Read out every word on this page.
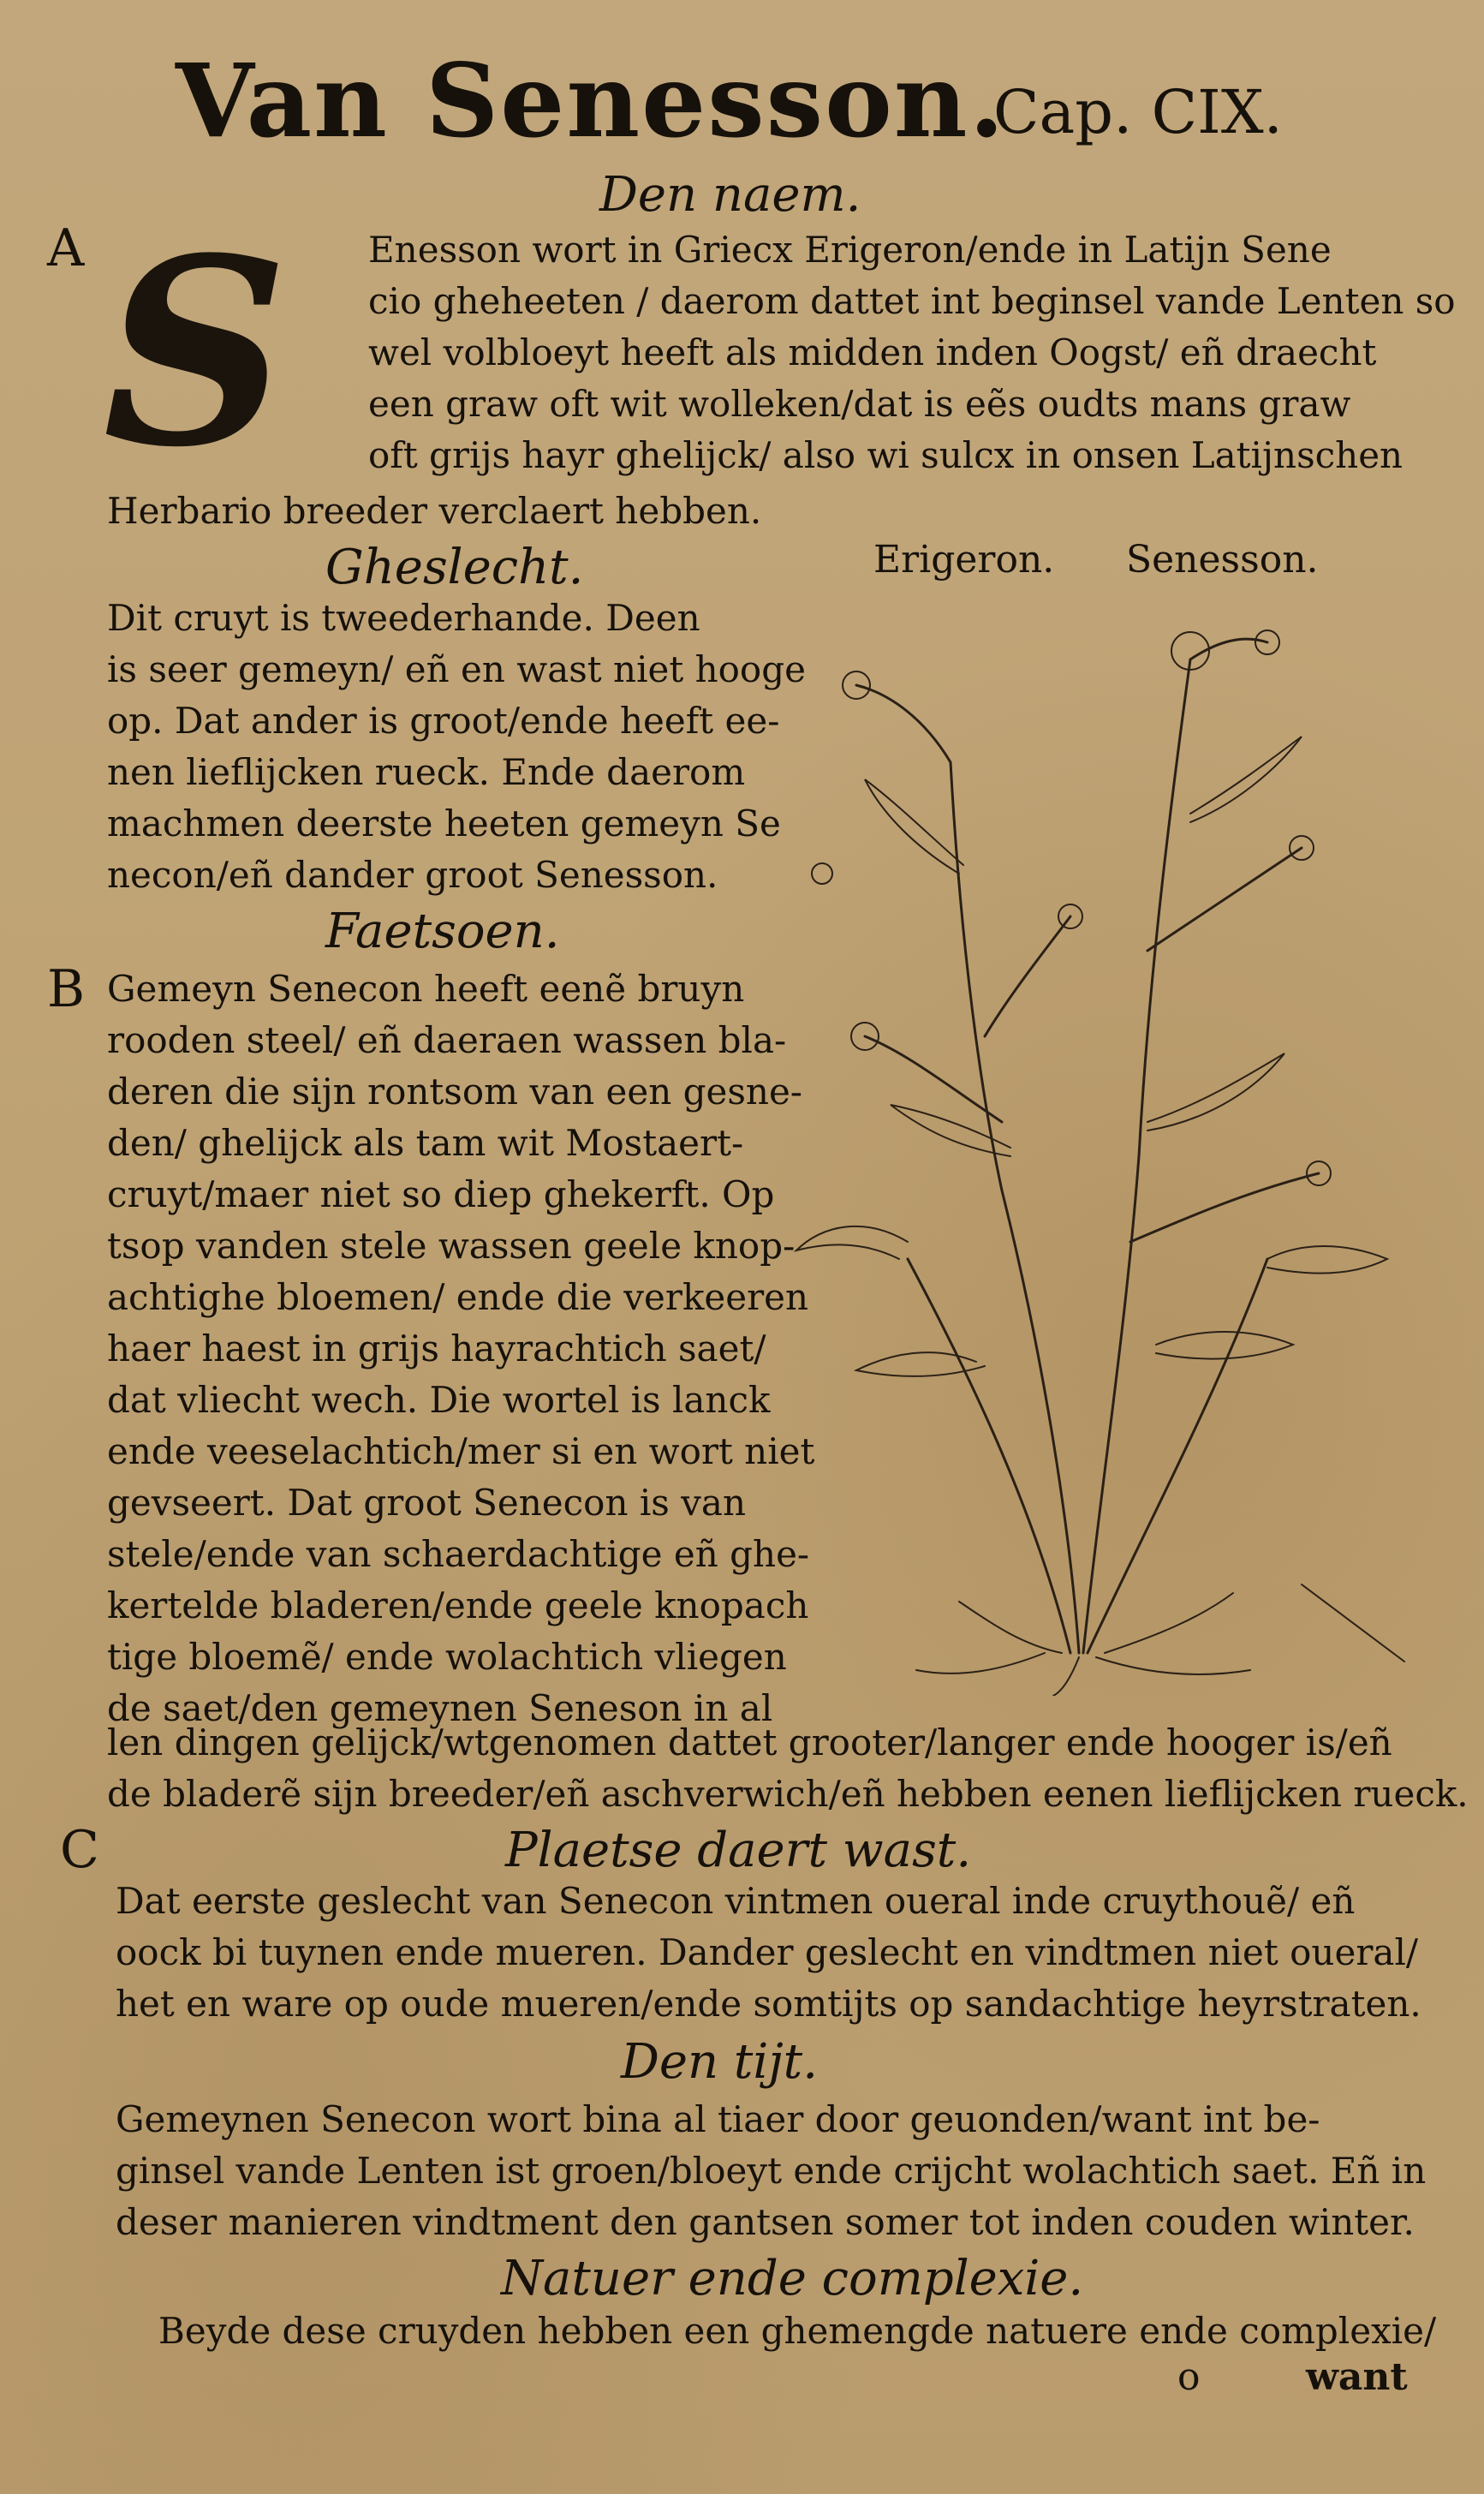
Van Senesson.
Cap. CIX.
Den naem.
A S	Enesson wort in Griecx Erigeron/ende in Latijn Sene
cio gheheeten / daerom dattet int beginsel vande Lenten so
wel volbloeyt heeft als midden inden Oogst/ eñ draecht
een graw oft wit wolleken/dat is eẽs oudts mans graw
oft grijs hayr ghelijck/ also wi sulcx in onsen Latijnschen
Herbario breeder verclaert hebben.
Gheslecht.	Erigeron. Senesson.
Dit cruyt is tweederhande. Deen
is seer gemeyn/ eñ en wast niet hooge
op. Dat ander is groot/ende heeft ee-
nen lieflijcken rueck. Ende daerom
machmen deerste heeten gemeyn Se
necon/eñ dander groot Senesson.
Faetsoen.
B Gemeyn Senecon heeft eenẽ bruyn
rooden steel/ eñ daeraen wassen bla-
deren die sijn rontsom van een gesne-
den/ ghelijck als tam wit Mostaert-
cruyt/maer niet so diep ghekerft. Op
tsop vanden stele wassen geele knop-
achtighe bloemen/ ende die verkeeren
haer haest in grijs hayrachtich saet/
dat vliecht wech. Die wortel is lanck
ende veeselachtich/mer si en wort niet
gevseert. Dat groot Senecon is van
stele/ende van schaerdachtige eñ ghe-
kertelde bladeren/ende geele knopach
tige bloemẽ/ ende wolachtich vliegen
de saet/den gemeynen Seneson in al
len dingen gelijck/wtgenomen dattet grooter/langer ende hooger is/eñ
de bladerẽ sijn breeder/eñ aschverwich/eñ hebben eenen lieflijcken rueck.
C	Plaetse daert wast.
Dat eerste geslecht van Senecon vintmen oueral inde cruythouẽ/ eñ
oock bi tuynen ende mueren. Dander geslecht en vindtmen niet oueral/
het en ware op oude mueren/ende somtijts op sandachtige heyrstraten.
Den tijt.
Gemeynen Senecon wort bina al tiaer door geuonden/want int be-
ginsel vande Lenten ist groen/bloeyt ende crijcht wolachtich saet. Eñ in
deser manieren vindtment den gantsen somer tot inden couden winter.
Natuer ende complexie.
Beyde dese cruyden hebben een ghemengde natuere ende complexie/
o	want
